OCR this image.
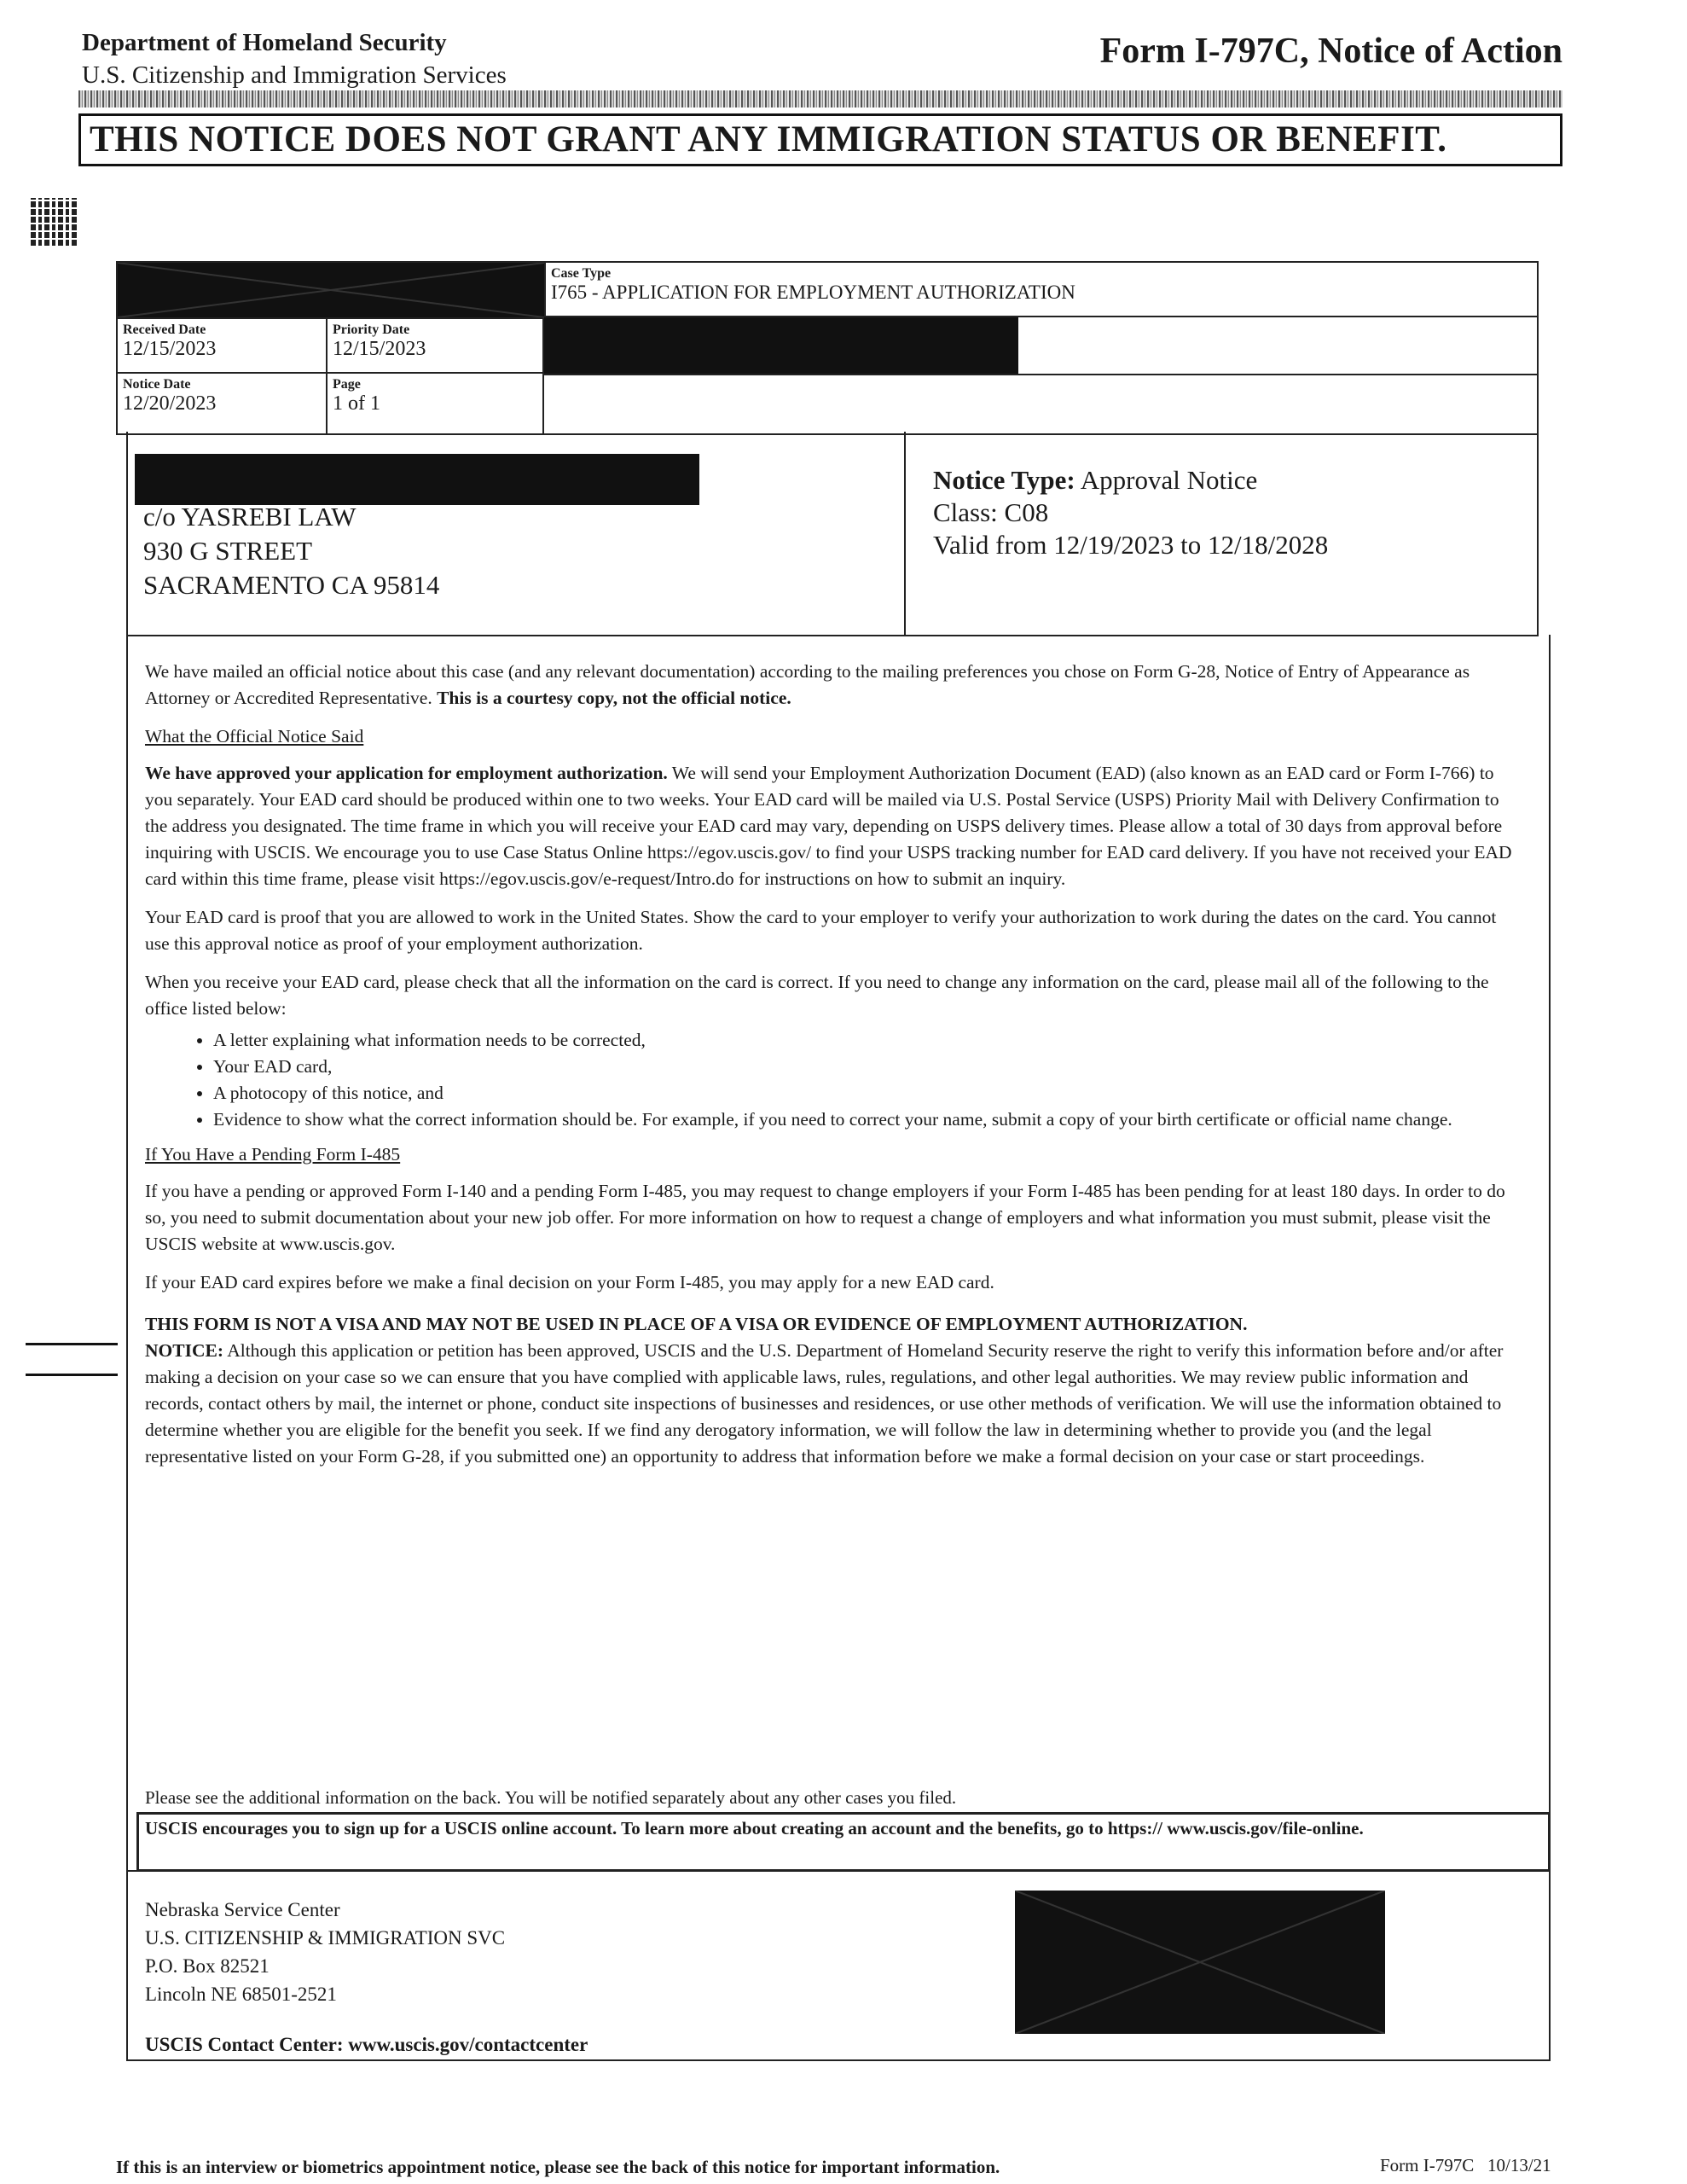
Department of Homeland Security
U.S. Citizenship and Immigration Services
Form I-797C, Notice of Action
THIS NOTICE DOES NOT GRANT ANY IMMIGRATION STATUS OR BENEFIT.
Case Type
I765 - APPLICATION FOR EMPLOYMENT AUTHORIZATION
Received Date
12/15/2023
Priority Date
12/15/2023
Notice Date
12/20/2023
Page
1 of 1
c/o YASREBI LAW
930 G STREET
SACRAMENTO CA 95814
Notice Type: Approval Notice
Class: C08
Valid from 12/19/2023 to 12/18/2028

We have mailed an official notice about this case (and any relevant documentation) according to the mailing preferences you chose on Form G-28, Notice of Entry of Appearance as Attorney or Accredited Representative. This is a courtesy copy, not the official notice.

What the Official Notice Said

We have approved your application for employment authorization. We will send your Employment Authorization Document (EAD) (also known as an EAD card or Form I-766) to you separately. Your EAD card should be produced within one to two weeks. Your EAD card will be mailed via U.S. Postal Service (USPS) Priority Mail with Delivery Confirmation to the address you designated. The time frame in which you will receive your EAD card may vary, depending on USPS delivery times. Please allow a total of 30 days from approval before inquiring with USCIS. We encourage you to use Case Status Online https://egov.uscis.gov/ to find your USPS tracking number for EAD card delivery. If you have not received your EAD card within this time frame, please visit https://egov.uscis.gov/e-request/Intro.do for instructions on how to submit an inquiry.

Your EAD card is proof that you are allowed to work in the United States. Show the card to your employer to verify your authorization to work during the dates on the card. You cannot use this approval notice as proof of your employment authorization.

When you receive your EAD card, please check that all the information on the card is correct. If you need to change any information on the card, please mail all of the following to the office listed below:

• A letter explaining what information needs to be corrected,
• Your EAD card,
• A photocopy of this notice, and
• Evidence to show what the correct information should be. For example, if you need to correct your name, submit a copy of your birth certificate or official name change.

If You Have a Pending Form I-485

If you have a pending or approved Form I-140 and a pending Form I-485, you may request to change employers if your Form I-485 has been pending for at least 180 days. In order to do so, you need to submit documentation about your new job offer. For more information on how to request a change of employers and what information you must submit, please visit the USCIS website at www.uscis.gov.

If your EAD card expires before we make a final decision on your Form I-485, you may apply for a new EAD card.

THIS FORM IS NOT A VISA AND MAY NOT BE USED IN PLACE OF A VISA OR EVIDENCE OF EMPLOYMENT AUTHORIZATION.

NOTICE: Although this application or petition has been approved, USCIS and the U.S. Department of Homeland Security reserve the right to verify this information before and/or after making a decision on your case so we can ensure that you have complied with applicable laws, rules, regulations, and other legal authorities. We may review public information and records, contact others by mail, the internet or phone, conduct site inspections of businesses and residences, or use other methods of verification. We will use the information obtained to determine whether you are eligible for the benefit you seek. If we find any derogatory information, we will follow the law in determining whether to provide you (and the legal representative listed on your Form G-28, if you submitted one) an opportunity to address that information before we make a formal decision on your case or start proceedings.

Please see the additional information on the back. You will be notified separately about any other cases you filed.
USCIS encourages you to sign up for a USCIS online account. To learn more about creating an account and the benefits, go to https:// www.uscis.gov/file-online.
Nebraska Service Center
U.S. CITIZENSHIP & IMMIGRATION SVC
P.O. Box 82521
Lincoln NE 68501-2521
USCIS Contact Center: www.uscis.gov/contactcenter
If this is an interview or biometrics appointment notice, please see the back of this notice for important information.	Form I-797C 10/13/21
